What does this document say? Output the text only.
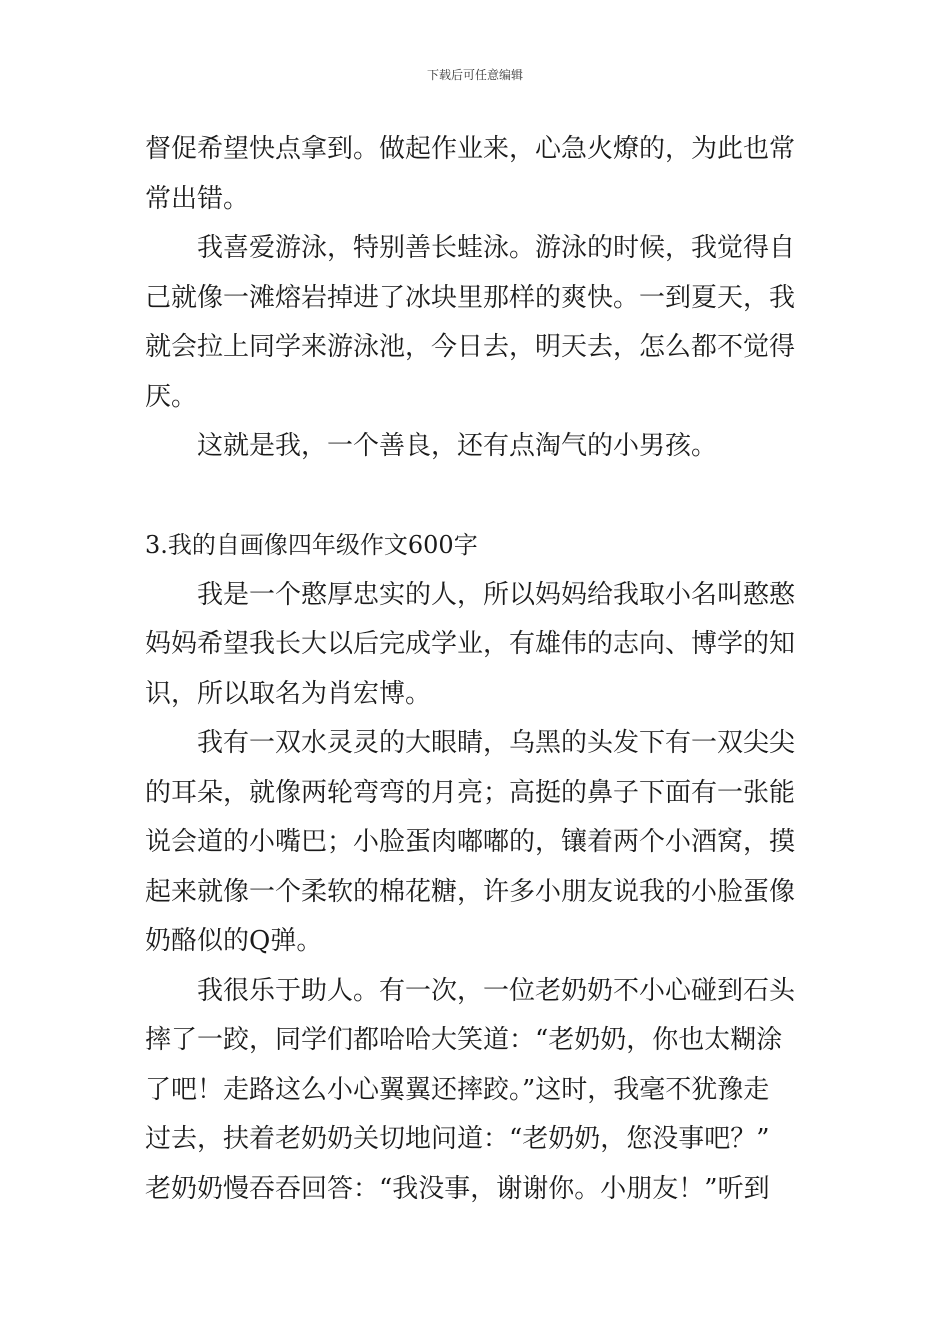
下载后可任意编辑
督促希望快点拿到。做起作业来，心急火燎的，为此也常
常出错。
我喜爱游泳，特别善长蛙泳。游泳的时候，我觉得自
己就像一滩熔岩掉进了冰块里那样的爽快。一到夏天，我
就会拉上同学来游泳池，今日去，明天去，怎么都不觉得
厌。
这就是我，一个善良，还有点淘气的小男孩。
3.我的自画像四年级作文600字
我是一个憨厚忠实的人，所以妈妈给我取小名叫憨憨
妈妈希望我长大以后完成学业，有雄伟的志向、博学的知
识，所以取名为肖宏博。
我有一双水灵灵的大眼睛，乌黑的头发下有一双尖尖
的耳朵，就像两轮弯弯的月亮；高挺的鼻子下面有一张能
说会道的小嘴巴；小脸蛋肉嘟嘟的，镶着两个小酒窝，摸
起来就像一个柔软的棉花糖，许多小朋友说我的小脸蛋像
奶酪似的Q弹。
我很乐于助人。有一次，一位老奶奶不小心碰到石头
摔了一跤，同学们都哈哈大笑道：“老奶奶，你也太糊涂
了吧！走路这么小心翼翼还摔跤。”这时，我毫不犹豫走
过去，扶着老奶奶关切地问道：“老奶奶，您没事吧？”
老奶奶慢吞吞回答：“我没事，谢谢你。小朋友！”听到
